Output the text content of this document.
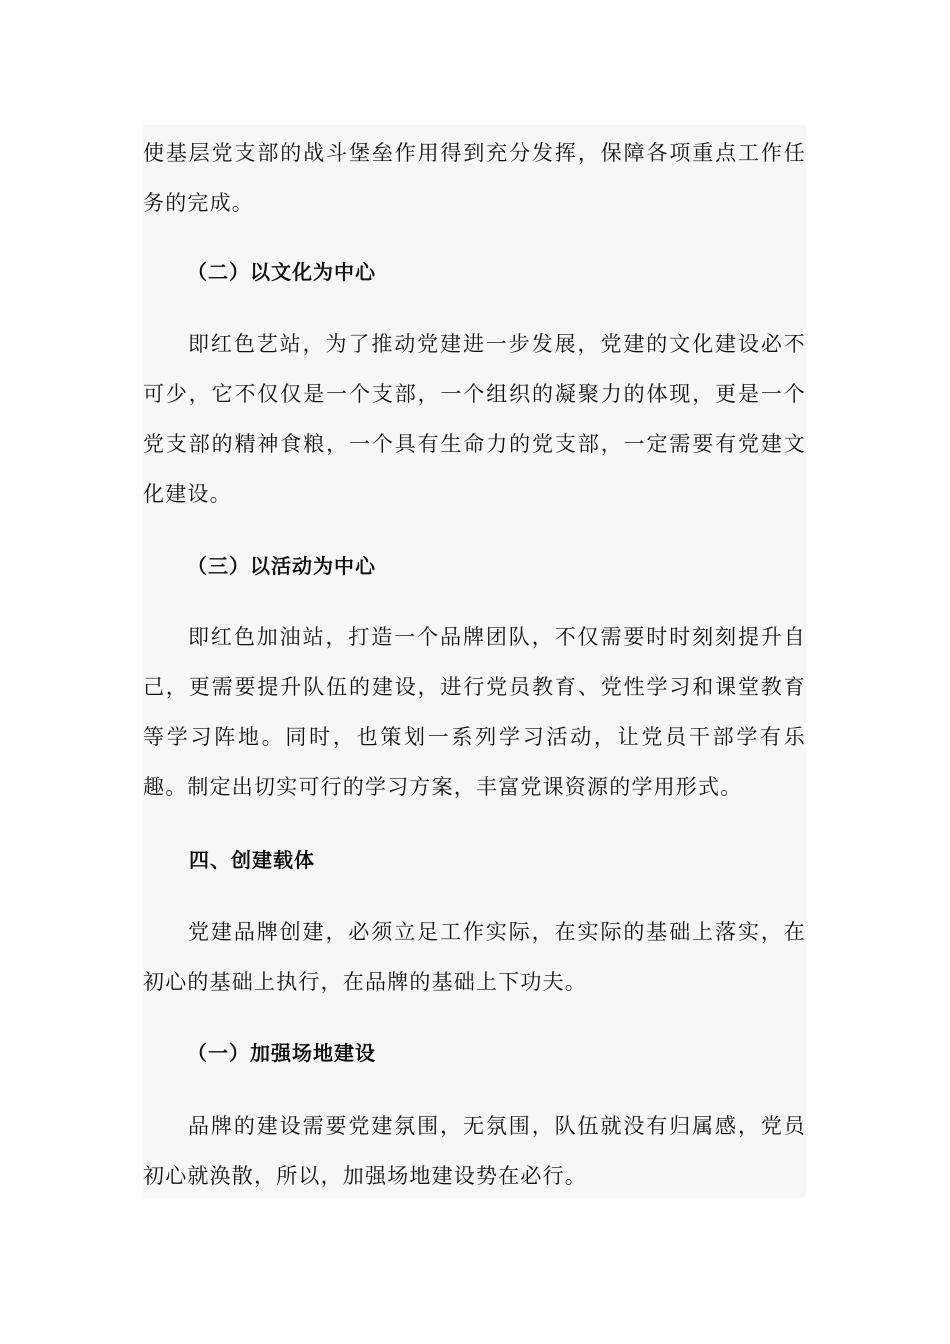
使基层党支部的战斗堡垒作用得到充分发挥，保障各项重点工作任务的完成。

（二）以文化为中心

即红色艺站，为了推动党建进一步发展，党建的文化建设必不可少，它不仅仅是一个支部，一个组织的凝聚力的体现，更是一个党支部的精神食粮，一个具有生命力的党支部，一定需要有党建文化建设。

（三）以活动为中心

即红色加油站，打造一个品牌团队，不仅需要时时刻刻提升自己，更需要提升队伍的建设，进行党员教育、党性学习和课堂教育等学习阵地。同时，也策划一系列学习活动，让党员干部学有乐趣。制定出切实可行的学习方案，丰富党课资源的学用形式。

四、创建载体

党建品牌创建，必须立足工作实际，在实际的基础上落实，在初心的基础上执行，在品牌的基础上下功夫。

（一）加强场地建设

品牌的建设需要党建氛围，无氛围，队伍就没有归属感，党员初心就涣散，所以，加强场地建设势在必行。
